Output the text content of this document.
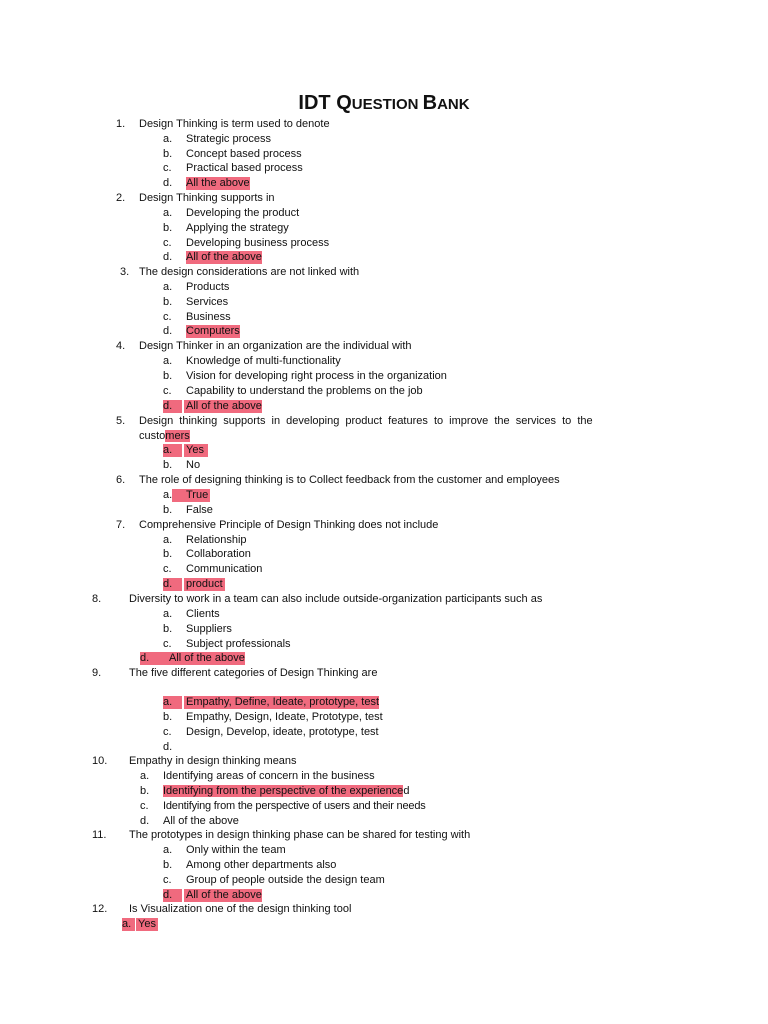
IDT QUESTION BANK
1. Design Thinking is term used to denote
a. Strategic process
b. Concept based process
c. Practical based process
d. All the above
2. Design Thinking supports in
a. Developing the product
b. Applying the strategy
c. Developing business process
d. All of the above
3. The design considerations are not linked with
a. Products
b. Services
c. Business
d. Computers
4. Design Thinker in an organization are the individual with
a. Knowledge of multi-functionality
b. Vision for developing right process in the organization
c. Capability to understand the problems on the job
d.	All of the above
5. Design thinking supports in developing product features to improve the services to the
customers
a.	Yes
b. No
6. The role of designing thinking is to Collect feedback from the customer and employees
a.	True
b. False
7. Comprehensive Principle of Design Thinking does not include
a. Relationship
b. Collaboration
c. Communication
d.	product
8.	Diversity to work in a team can also include outside-organization participants such as
a. Clients
b. Suppliers
c. Subject professionals
d.	All of the above
9.	The five different categories of Design Thinking are
a.	Empathy, Define, Ideate, prototype, test
b. Empathy, Design, Ideate, Prototype, test
c. Design, Develop, ideate, prototype, test
d.
10. Empathy in design thinking means
a. Identifying areas of concern in the business
b. Identifying from the perspective of the experienced
c. Identifying from the perspective of users and their needs
d. All of the above
11. The prototypes in design thinking phase can be shared for testing with
a. Only within the team
b. Among other departments also
c. Group of people outside the design team
d.	All of the above
12. Is Visualization one of the design thinking tool
a. Yes
